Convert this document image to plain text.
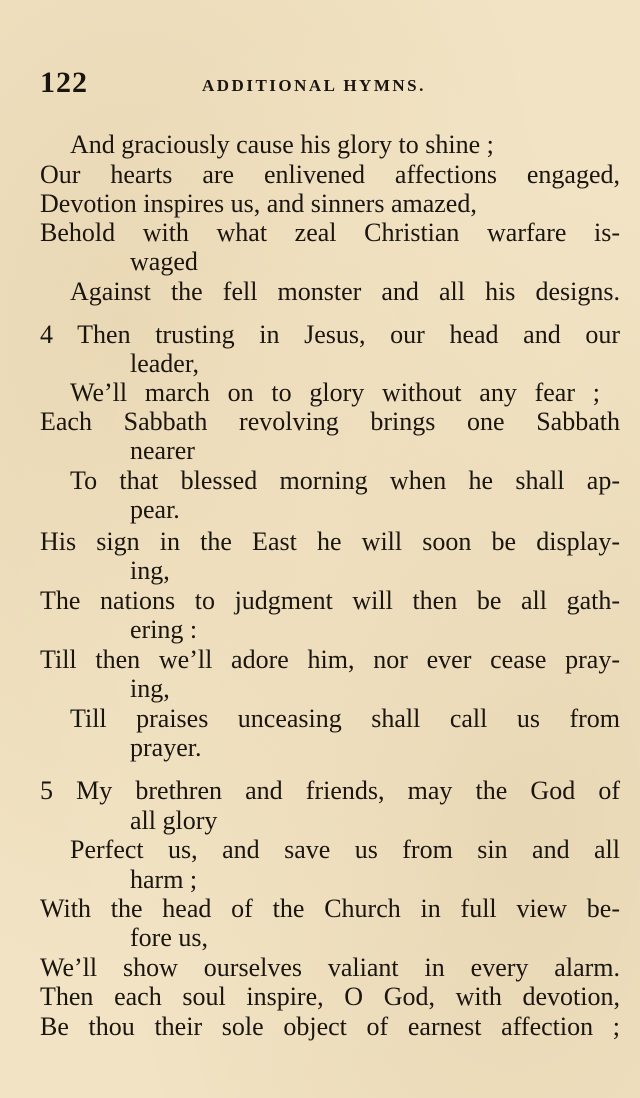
122	ADDITIONAL HYMNS.
And graciously cause his glory to shine ;
Our hearts are enlivened affections engaged,
Devotion inspires us, and sinners amazed,
Behold with what zeal Christian warfare is-
waged
Against the fell monster and all his designs.
4 Then trusting in Jesus, our head and our
leader,
We’ll march on to glory without any fear ;
Each Sabbath revolving brings one Sabbath
nearer
To that blessed morning when he shall ap-
pear.
His sign in the East he will soon be display-
ing,
The nations to judgment will then be all gath-
ering :
Till then we’ll adore him, nor ever cease pray-
ing,
Till praises unceasing shall call us from
prayer.
5 My brethren and friends, may the God of
all glory
Perfect us, and save us from sin and all
harm ;
With the head of the Church in full view be-
fore us,
We’ll show ourselves valiant in every alarm.
Then each soul inspire, O God, with devotion,
Be thou their sole object of earnest affection ;
